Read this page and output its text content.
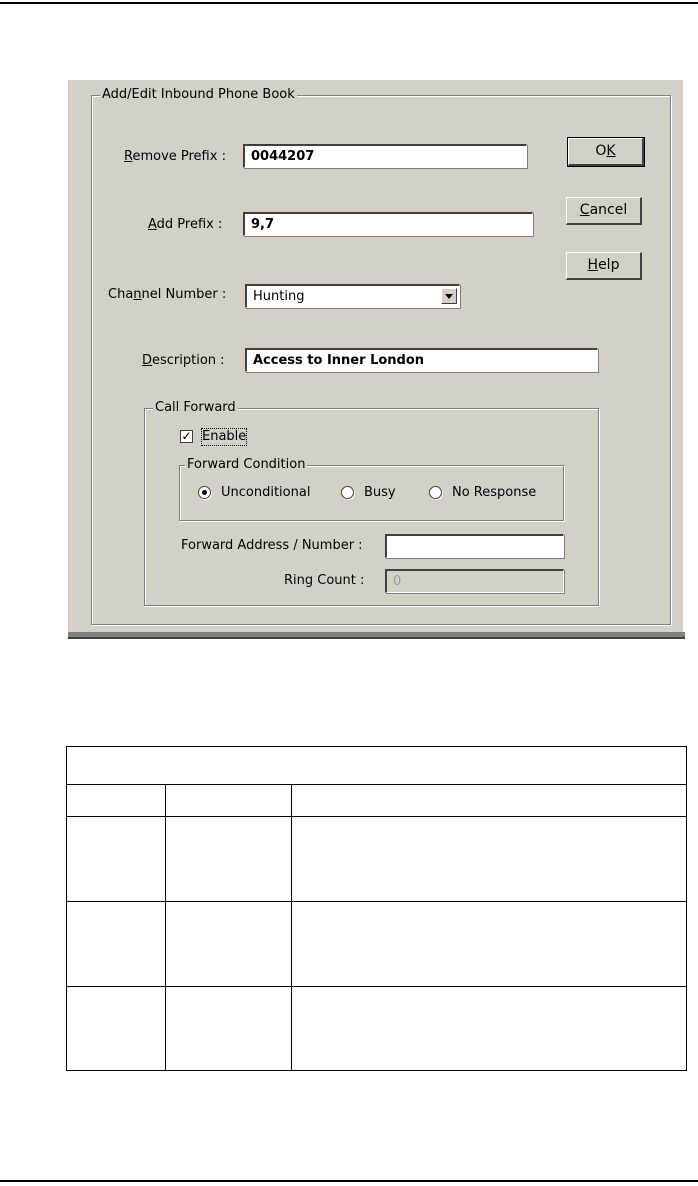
Add/Edit Inbound Phone Book
Remove Prefix :	0044207
Add Prefix :	9,7
Channel Number :	Hunting
Description :	Access to Inner London
OK
Cancel
Help
Call Forward
✓ Enable
Forward Condition
Unconditional	Busy	No Response
Forward Address / Number :
Ring Count :	0
